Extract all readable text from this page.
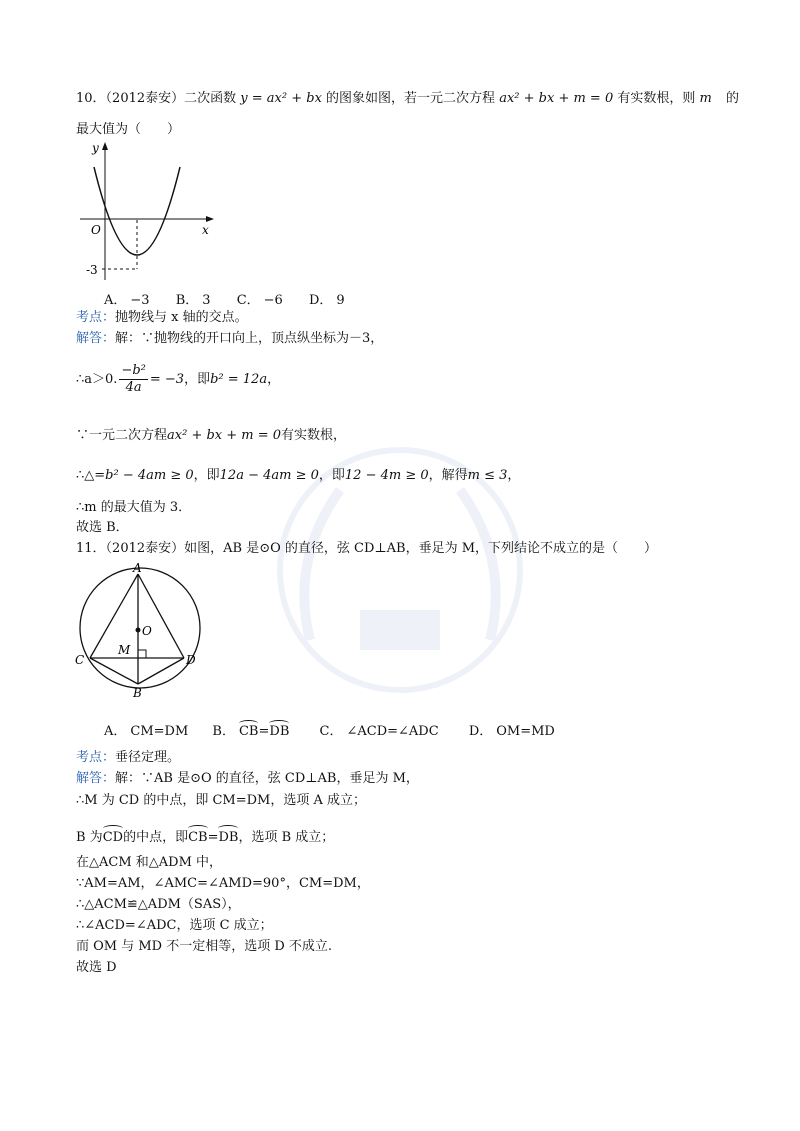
10．（2012泰安）二次函数 y = ax² + bx 的图象如图，若一元二次方程 ax² + bx + m = 0 有实数根，则 m 的
最大值为（　　）
y
x
O
-3
A． −3 B． 3 C． −6 D． 9
考点：抛物线与 x 轴的交点。
解答：解：∵抛物线的开口向上，顶点纵坐标为－3，
∴a＞0. $\frac{\text{−b²}}{4a} = -3$，即b² = 12a，
∵一元二次方程ax² + bx + m = 0有实数根，
∴△=b² − 4am ≥ 0，即12a − 4am ≥ 0，即12 − 4m ≥ 0，解得m ≤ 3，
∴m 的最大值为 3．
故选 B．
11．（2012泰安）如图，AB 是⊙O 的直径，弦 CD⊥AB，垂足为 M，下列结论不成立的是（　　）
A
O
M
C	D
B
A． CM=DM B． CB=DB C． ∠ACD=∠ADC D． OM=MD
考点：垂径定理。
解答：解：∵AB 是⊙O 的直径，弦 CD⊥AB，垂足为 M，
∴M 为 CD 的中点，即 CM=DM，选项 A 成立；
B 为CD的中点，即CB=DB，选项 B 成立；
在△ACM 和△ADM 中，
∵AM=AM，∠AMC=∠AMD=90°，CM=DM，
∴△ACM≌△ADM（SAS），
∴∠ACD=∠ADC，选项 C 成立；
而 OM 与 MD 不一定相等，选项 D 不成立.
故选 D
